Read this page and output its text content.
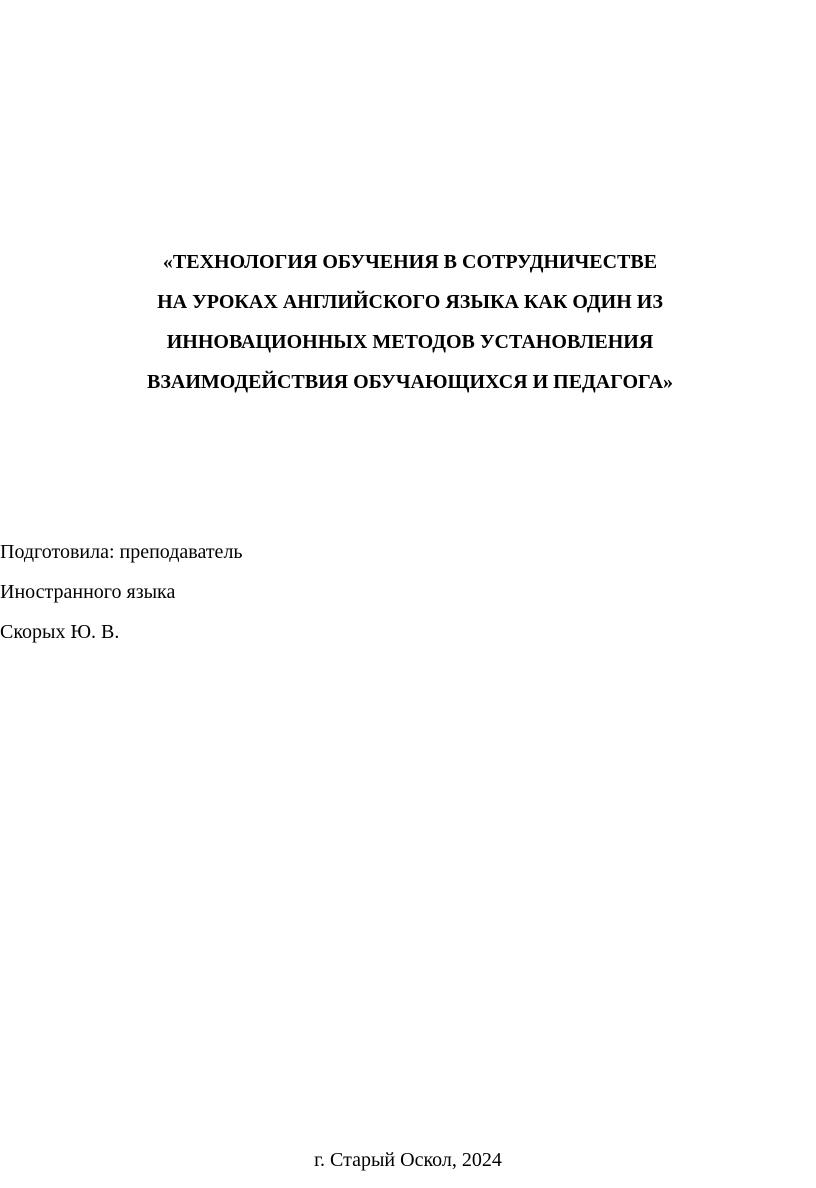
«ТЕХНОЛОГИЯ ОБУЧЕНИЯ В СОТРУДНИЧЕСТВЕ
НА УРОКАХ АНГЛИЙСКОГО ЯЗЫКА КАК ОДИН ИЗ
ИННОВАЦИОННЫХ МЕТОДОВ УСТАНОВЛЕНИЯ
ВЗАИМОДЕЙСТВИЯ ОБУЧАЮЩИХСЯ И ПЕДАГОГА»
Подготовила: преподаватель
Иностранного языка
Скорых Ю. В.
г. Старый Оскол, 2024
